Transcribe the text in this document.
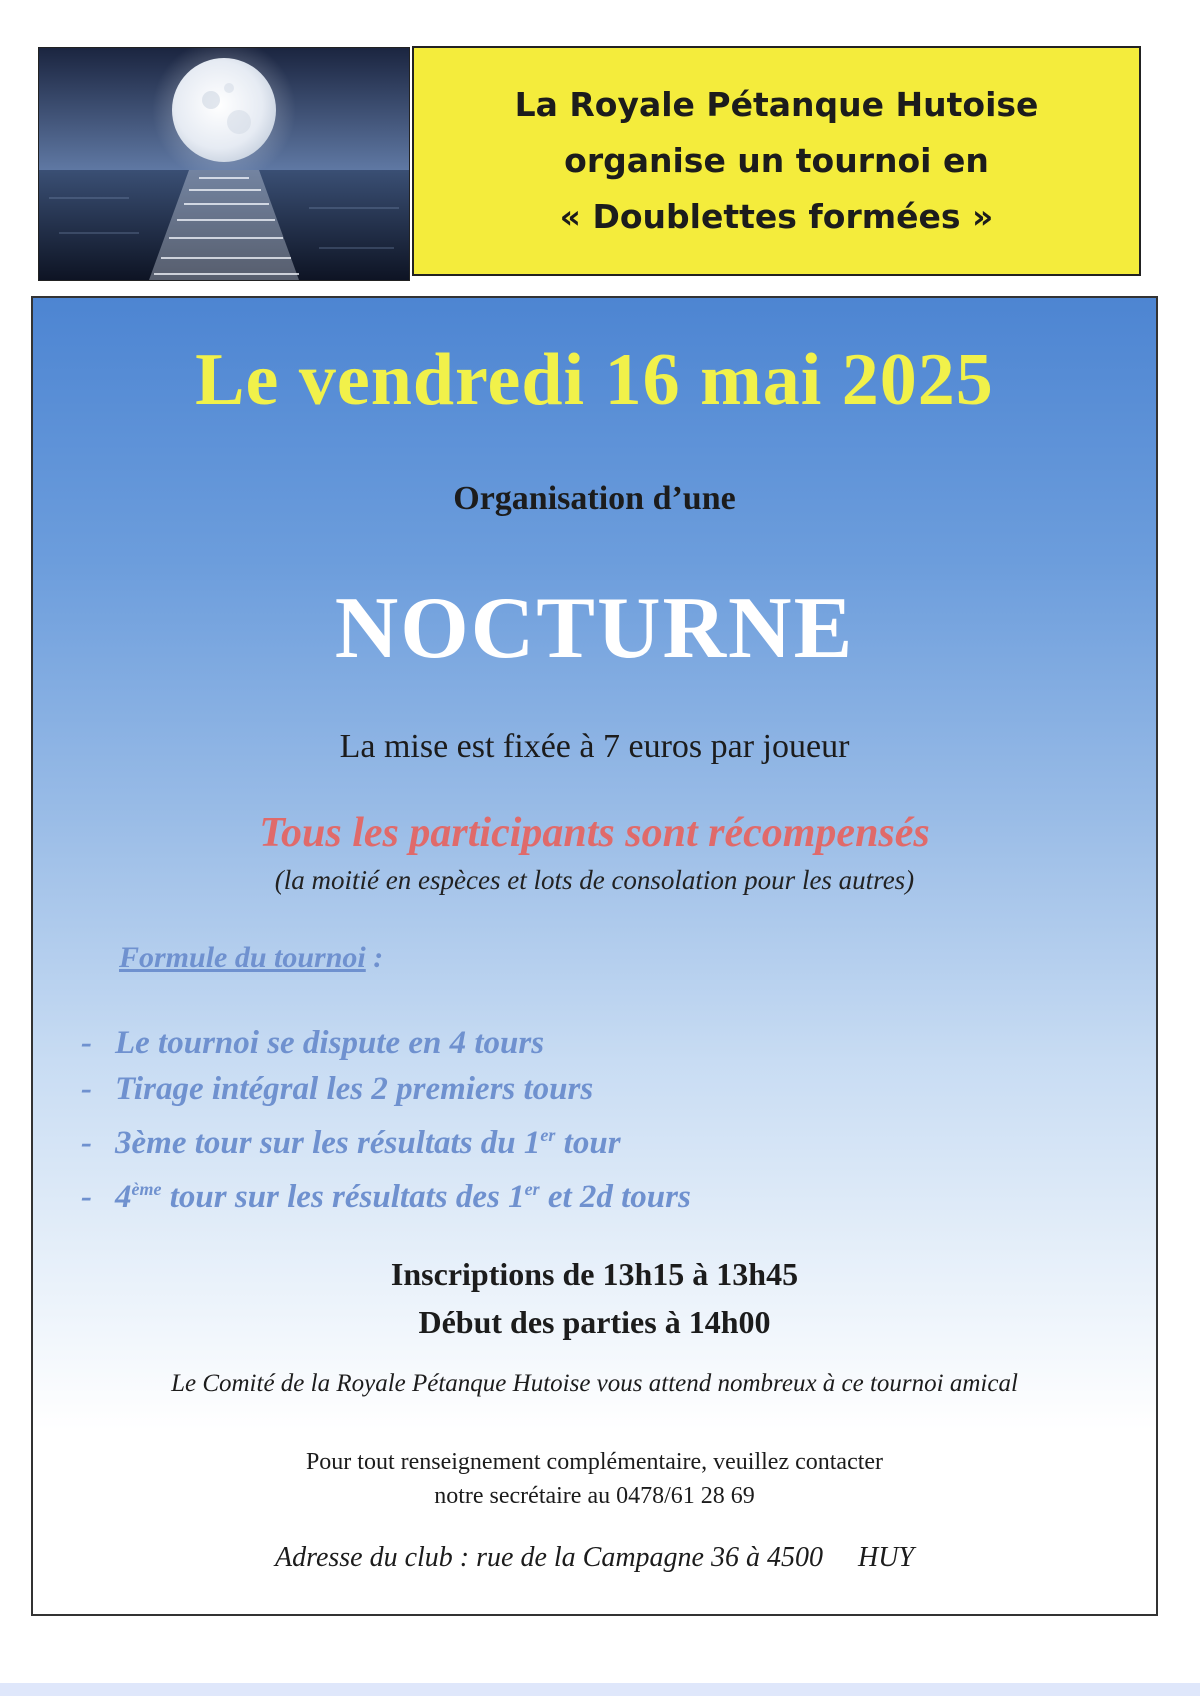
La Royale Pétanque Hutoise
organise un tournoi en
« Doublettes formées »
Le vendredi 16 mai 2025
Organisation d’une
NOCTURNE
La mise est fixée à 7 euros par joueur
Tous les participants sont récompensés
(la moitié en espèces et lots de consolation pour les autres)
Formule du tournoi :
- Le tournoi se dispute en 4 tours
- Tirage intégral les 2 premiers tours
- 3ème tour sur les résultats du 1er tour
- 4ème tour sur les résultats des 1er et 2d tours
Inscriptions de 13h15 à 13h45
Début des parties à 14h00
Le Comité de la Royale Pétanque Hutoise vous attend nombreux à ce tournoi amical
Pour tout renseignement complémentaire, veuillez contacter
notre secrétaire au 0478/61 28 69
Adresse du club : rue de la Campagne 36 à 4500     HUY
